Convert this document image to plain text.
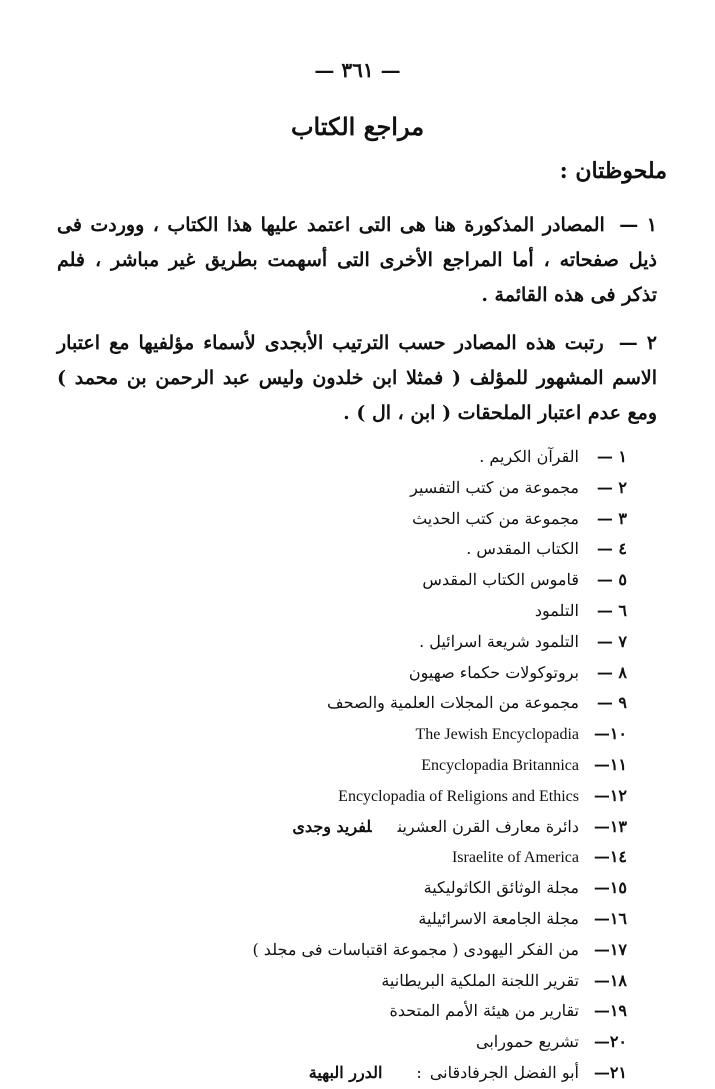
— ٣٦١ —
مراجع الكتاب
ملحوظتان :

١ — المصادر المذكورة هنا هى التى اعتمد عليها هذا الكتاب ، ووردت فى ذيل صفحاته ، أما المراجع الأخرى التى أسهمت بطريق غير مباشر ، فلم تذكر فى هذه القائمة .

٢ — رتبت هذه المصادر حسب الترتيب الأبجدى لأسماء مؤلفيها مع اعتبار الاسم المشهور للمؤلف ( فمثلا ابن خلدون وليس عبد الرحمن بن محمد ) ومع عدم اعتبار الملحقات ( ابن ، ال ) .

١ —القرآن الكريم .
٢ —مجموعة من كتب التفسير
٣ —مجموعة من كتب الحديث
٤ —الكتاب المقدس .
٥ —قاموس الكتاب المقدس
٦ —التلمود
٧ —التلمود شريعة اسرائيل .
٨ —بروتوكولات حكماء صهيون
٩ —مجموعة من المجلات العلمية والصحف
١٠—The Jewish Encyclopadia
١١—Encyclopadia Britannica
١٢—Encyclopadia of Religions and Ethics
١٣—دائرة معارف القرن العشرينلفريد وجدى
١٤—Israelite of America
١٥—مجلة الوثائق الكاثوليكية
١٦—مجلة الجامعة الاسرائيلية
١٧—من الفكر اليهودى ( مجموعة اقتباسات فى مجلد )
١٨—تقرير اللجنة الملكية البريطانية
١٩—تقارير من هيئة الأمم المتحدة
٢٠—تشريع حمورابى
٢١—أبو الفضل الجرفادقانى:الدرر البهية
